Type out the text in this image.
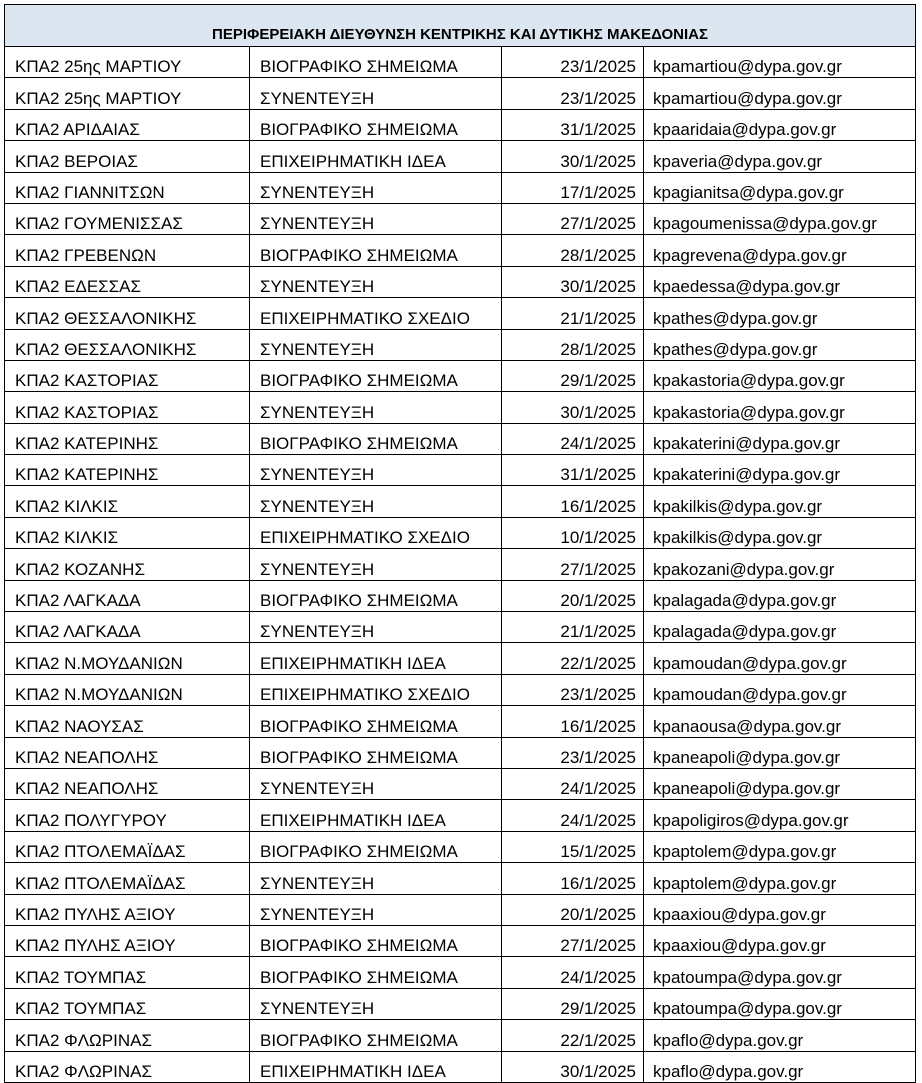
ΠΕΡΙΦΕΡΕΙΑΚΗ ΔΙΕΥΘΥΝΣΗ ΚΕΝΤΡΙΚΗΣ ΚΑΙ ΔΥΤΙΚΗΣ ΜΑΚΕΔΟΝΙΑΣ			
ΚΠΑ2 25ης ΜΑΡΤΙΟΥ	ΒΙΟΓΡΑΦΙΚΟ ΣΗΜΕΙΩΜΑ	23/1/2025	kpamartiou@dypa.gov.gr
ΚΠΑ2 25ης ΜΑΡΤΙΟΥ	ΣΥΝΕΝΤΕΥΞΗ	23/1/2025	kpamartiou@dypa.gov.gr
ΚΠΑ2 ΑΡΙΔΑΙΑΣ	ΒΙΟΓΡΑΦΙΚΟ ΣΗΜΕΙΩΜΑ	31/1/2025	kpaaridaia@dypa.gov.gr
ΚΠΑ2 ΒΕΡΟΙΑΣ	ΕΠΙΧΕΙΡΗΜΑΤΙΚΗ ΙΔΕΑ	30/1/2025	kpaveria@dypa.gov.gr
ΚΠΑ2 ΓΙΑΝΝΙΤΣΩΝ	ΣΥΝΕΝΤΕΥΞΗ	17/1/2025	kpagianitsa@dypa.gov.gr
ΚΠΑ2 ΓΟΥΜΕΝΙΣΣΑΣ	ΣΥΝΕΝΤΕΥΞΗ	27/1/2025	kpagoumenissa@dypa.gov.gr
ΚΠΑ2 ΓΡΕΒΕΝΩΝ	ΒΙΟΓΡΑΦΙΚΟ ΣΗΜΕΙΩΜΑ	28/1/2025	kpagrevena@dypa.gov.gr
ΚΠΑ2 ΕΔΕΣΣΑΣ	ΣΥΝΕΝΤΕΥΞΗ	30/1/2025	kpaedessa@dypa.gov.gr
ΚΠΑ2 ΘΕΣΣΑΛΟΝΙΚΗΣ	ΕΠΙΧΕΙΡΗΜΑΤΙΚΟ ΣΧΕΔΙΟ	21/1/2025	kpathes@dypa.gov.gr
ΚΠΑ2 ΘΕΣΣΑΛΟΝΙΚΗΣ	ΣΥΝΕΝΤΕΥΞΗ	28/1/2025	kpathes@dypa.gov.gr
ΚΠΑ2 ΚΑΣΤΟΡΙΑΣ	ΒΙΟΓΡΑΦΙΚΟ ΣΗΜΕΙΩΜΑ	29/1/2025	kpakastoria@dypa.gov.gr
ΚΠΑ2 ΚΑΣΤΟΡΙΑΣ	ΣΥΝΕΝΤΕΥΞΗ	30/1/2025	kpakastoria@dypa.gov.gr
ΚΠΑ2 ΚΑΤΕΡΙΝΗΣ	ΒΙΟΓΡΑΦΙΚΟ ΣΗΜΕΙΩΜΑ	24/1/2025	kpakaterini@dypa.gov.gr
ΚΠΑ2 ΚΑΤΕΡΙΝΗΣ	ΣΥΝΕΝΤΕΥΞΗ	31/1/2025	kpakaterini@dypa.gov.gr
ΚΠΑ2 ΚΙΛΚΙΣ	ΣΥΝΕΝΤΕΥΞΗ	16/1/2025	kpakilkis@dypa.gov.gr
ΚΠΑ2 ΚΙΛΚΙΣ	ΕΠΙΧΕΙΡΗΜΑΤΙΚΟ ΣΧΕΔΙΟ	10/1/2025	kpakilkis@dypa.gov.gr
ΚΠΑ2 ΚΟΖΑΝΗΣ	ΣΥΝΕΝΤΕΥΞΗ	27/1/2025	kpakozani@dypa.gov.gr
ΚΠΑ2 ΛΑΓΚΑΔΑ	ΒΙΟΓΡΑΦΙΚΟ ΣΗΜΕΙΩΜΑ	20/1/2025	kpalagada@dypa.gov.gr
ΚΠΑ2 ΛΑΓΚΑΔΑ	ΣΥΝΕΝΤΕΥΞΗ	21/1/2025	kpalagada@dypa.gov.gr
ΚΠΑ2 Ν.ΜΟΥΔΑΝΙΩΝ	ΕΠΙΧΕΙΡΗΜΑΤΙΚΗ ΙΔΕΑ	22/1/2025	kpamoudan@dypa.gov.gr
ΚΠΑ2 Ν.ΜΟΥΔΑΝΙΩΝ	ΕΠΙΧΕΙΡΗΜΑΤΙΚΟ ΣΧΕΔΙΟ	23/1/2025	kpamoudan@dypa.gov.gr
ΚΠΑ2 ΝΑΟΥΣΑΣ	ΒΙΟΓΡΑΦΙΚΟ ΣΗΜΕΙΩΜΑ	16/1/2025	kpanaousa@dypa.gov.gr
ΚΠΑ2 ΝΕΑΠΟΛΗΣ	ΒΙΟΓΡΑΦΙΚΟ ΣΗΜΕΙΩΜΑ	23/1/2025	kpaneapoli@dypa.gov.gr
ΚΠΑ2 ΝΕΑΠΟΛΗΣ	ΣΥΝΕΝΤΕΥΞΗ	24/1/2025	kpaneapoli@dypa.gov.gr
ΚΠΑ2 ΠΟΛΥΓΥΡΟΥ	ΕΠΙΧΕΙΡΗΜΑΤΙΚΗ ΙΔΕΑ	24/1/2025	kpapoligiros@dypa.gov.gr
ΚΠΑ2 ΠΤΟΛΕΜΑΪΔΑΣ	ΒΙΟΓΡΑΦΙΚΟ ΣΗΜΕΙΩΜΑ	15/1/2025	kpaptolem@dypa.gov.gr
ΚΠΑ2 ΠΤΟΛΕΜΑΪΔΑΣ	ΣΥΝΕΝΤΕΥΞΗ	16/1/2025	kpaptolem@dypa.gov.gr
ΚΠΑ2 ΠΥΛΗΣ ΑΞΙΟΥ	ΣΥΝΕΝΤΕΥΞΗ	20/1/2025	kpaaxiou@dypa.gov.gr
ΚΠΑ2 ΠΥΛΗΣ ΑΞΙΟΥ	ΒΙΟΓΡΑΦΙΚΟ ΣΗΜΕΙΩΜΑ	27/1/2025	kpaaxiou@dypa.gov.gr
ΚΠΑ2 ΤΟΥΜΠΑΣ	ΒΙΟΓΡΑΦΙΚΟ ΣΗΜΕΙΩΜΑ	24/1/2025	kpatoumpa@dypa.gov.gr
ΚΠΑ2 ΤΟΥΜΠΑΣ	ΣΥΝΕΝΤΕΥΞΗ	29/1/2025	kpatoumpa@dypa.gov.gr
ΚΠΑ2 ΦΛΩΡΙΝΑΣ	ΒΙΟΓΡΑΦΙΚΟ ΣΗΜΕΙΩΜΑ	22/1/2025	kpaflo@dypa.gov.gr
ΚΠΑ2 ΦΛΩΡΙΝΑΣ	ΕΠΙΧΕΙΡΗΜΑΤΙΚΗ ΙΔΕΑ	30/1/2025	kpaflo@dypa.gov.gr
